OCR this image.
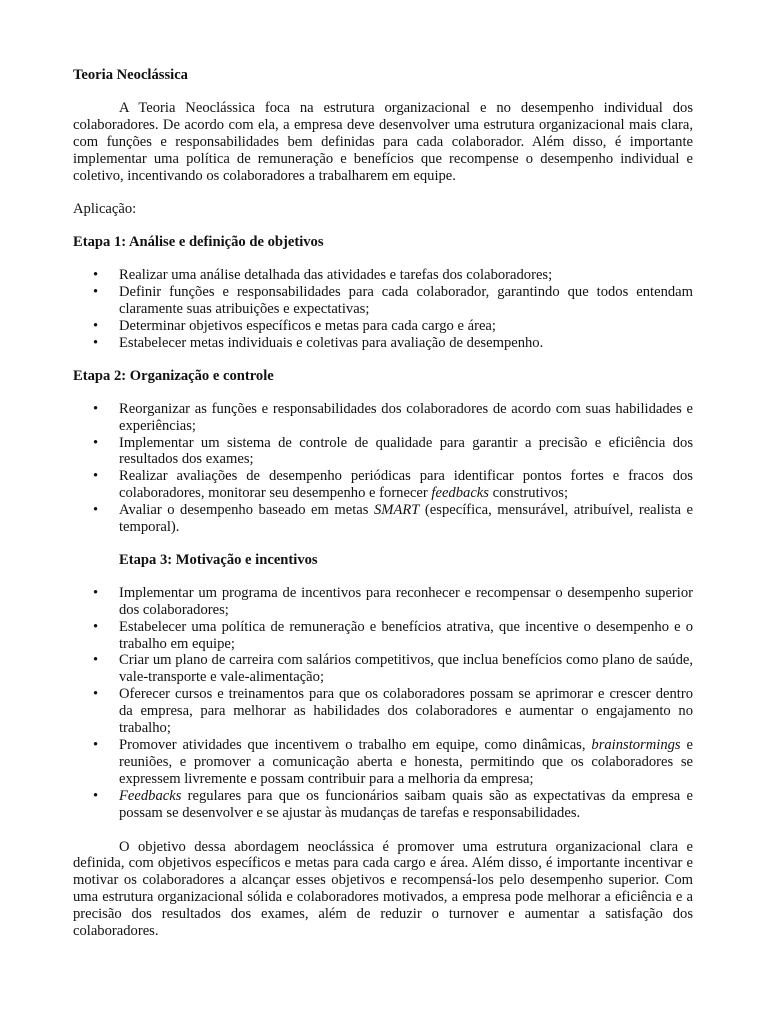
Teoria Neoclássica

A Teoria Neoclássica foca na estrutura organizacional e no desempenho individual dos colaboradores. De acordo com ela, a empresa deve desenvolver uma estrutura organizacional mais clara, com funções e responsabilidades bem definidas para cada colaborador. Além disso, é importante implementar uma política de remuneração e benefícios que recompense o desempenho individual e coletivo, incentivando os colaboradores a trabalharem em equipe.

Aplicação:

Etapa 1: Análise e definição de objetivos

• Realizar uma análise detalhada das atividades e tarefas dos colaboradores;
• Definir funções e responsabilidades para cada colaborador, garantindo que todos entendam claramente suas atribuições e expectativas;
• Determinar objetivos específicos e metas para cada cargo e área;
• Estabelecer metas individuais e coletivas para avaliação de desempenho.

Etapa 2: Organização e controle

• Reorganizar as funções e responsabilidades dos colaboradores de acordo com suas habilidades e experiências;
• Implementar um sistema de controle de qualidade para garantir a precisão e eficiência dos resultados dos exames;
• Realizar avaliações de desempenho periódicas para identificar pontos fortes e fracos dos colaboradores, monitorar seu desempenho e fornecer feedbacks construtivos;
• Avaliar o desempenho baseado em metas SMART (específica, mensurável, atribuível, realista e temporal).

Etapa 3: Motivação e incentivos

• Implementar um programa de incentivos para reconhecer e recompensar o desempenho superior dos colaboradores;
• Estabelecer uma política de remuneração e benefícios atrativa, que incentive o desempenho e o trabalho em equipe;
• Criar um plano de carreira com salários competitivos, que inclua benefícios como plano de saúde, vale-transporte e vale-alimentação;
• Oferecer cursos e treinamentos para que os colaboradores possam se aprimorar e crescer dentro da empresa, para melhorar as habilidades dos colaboradores e aumentar o engajamento no trabalho;
• Promover atividades que incentivem o trabalho em equipe, como dinâmicas, brainstormings e reuniões, e promover a comunicação aberta e honesta, permitindo que os colaboradores se expressem livremente e possam contribuir para a melhoria da empresa;
• Feedbacks regulares para que os funcionários saibam quais são as expectativas da empresa e possam se desenvolver e se ajustar às mudanças de tarefas e responsabilidades.

O objetivo dessa abordagem neoclássica é promover uma estrutura organizacional clara e definida, com objetivos específicos e metas para cada cargo e área. Além disso, é importante incentivar e motivar os colaboradores a alcançar esses objetivos e recompensá-los pelo desempenho superior. Com uma estrutura organizacional sólida e colaboradores motivados, a empresa pode melhorar a eficiência e a precisão dos resultados dos exames, além de reduzir o turnover e aumentar a satisfação dos colaboradores.
